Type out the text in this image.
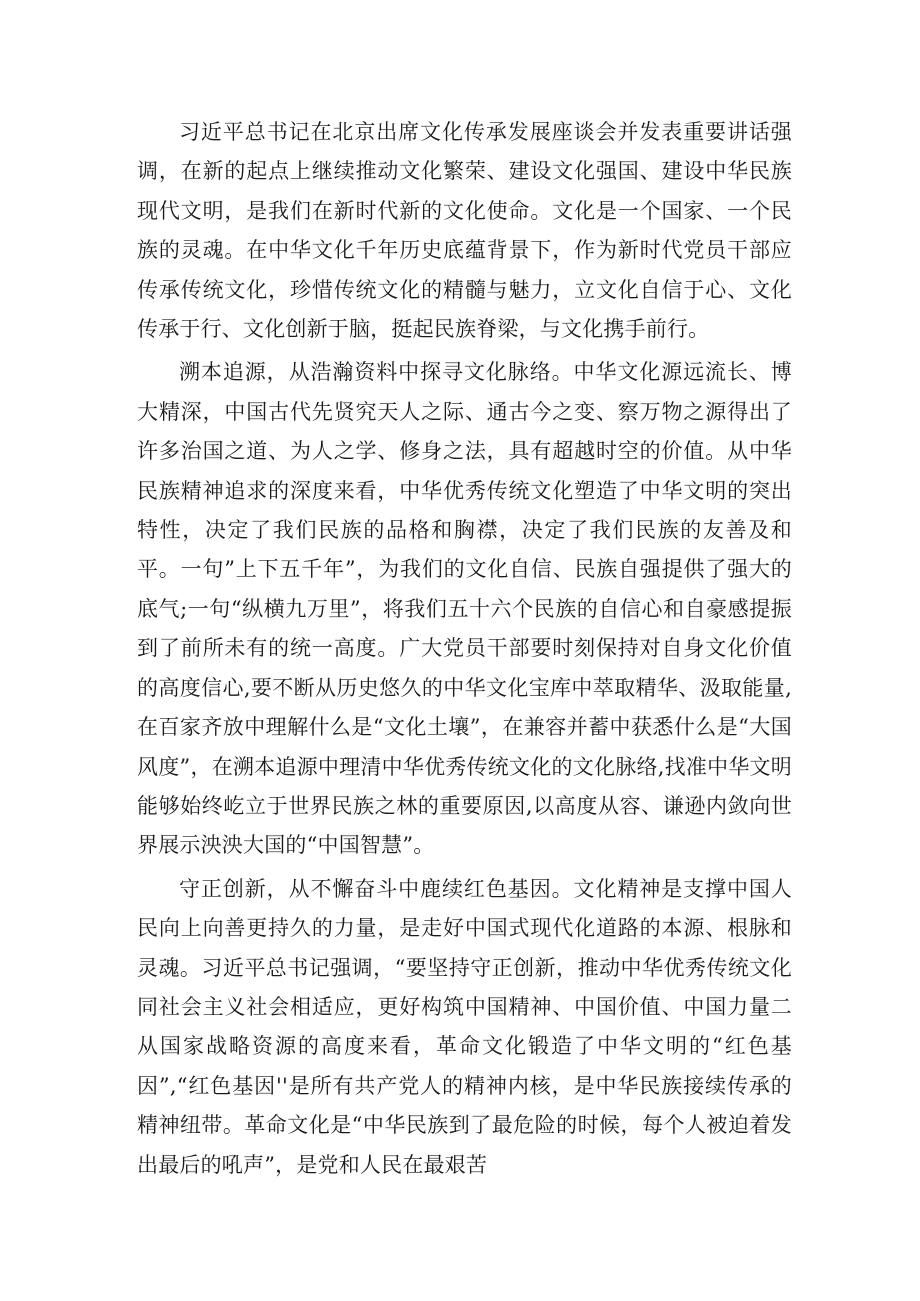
习近平总书记在北京出席文化传承发展座谈会并发表重要讲话强调，在新的起点上继续推动文化繁荣、建设文化强国、建设中华民族现代文明，是我们在新时代新的文化使命。文化是一个国家、一个民族的灵魂。在中华文化千年历史底蕴背景下，作为新时代党员干部应传承传统文化，珍惜传统文化的精髓与魅力，立文化自信于心、文化传承于行、文化创新于脑，挺起民族脊梁，与文化携手前行。

溯本追源，从浩瀚资料中探寻文化脉络。中华文化源远流长、博大精深，中国古代先贤究天人之际、通古今之变、察万物之源得出了许多治国之道、为人之学、修身之法，具有超越时空的价值。从中华民族精神追求的深度来看，中华优秀传统文化塑造了中华文明的突出特性，决定了我们民族的品格和胸襟，决定了我们民族的友善及和平。一句”上下五千年”，为我们的文化自信、民族自强提供了强大的底气;一句“纵横九万里”，将我们五十六个民族的自信心和自豪感提振到了前所未有的统一高度。广大党员干部要时刻保持对自身文化价值的高度信心,要不断从历史悠久的中华文化宝库中萃取精华、汲取能量,在百家齐放中理解什么是“文化土壤”，在兼容并蓄中获悉什么是“大国风度”，在溯本追源中理清中华优秀传统文化的文化脉络,找准中华文明能够始终屹立于世界民族之林的重要原因,以高度从容、谦逊内敛向世界展示泱泱大国的“中国智慧”。

守正创新，从不懈奋斗中鹿续红色基因。文化精神是支撑中国人民向上向善更持久的力量，是走好中国式现代化道路的本源、根脉和灵魂。习近平总书记强调，“要坚持守正创新，推动中华优秀传统文化同社会主义社会相适应，更好构筑中国精神、中国价值、中国力量二从国家战略资源的高度来看，革命文化锻造了中华文明的“红色基因”,“红色基因''是所有共产党人的精神内核，是中华民族接续传承的精神纽带。革命文化是“中华民族到了最危险的时候，每个人被迫着发出最后的吼声”，是党和人民在最艰苦
